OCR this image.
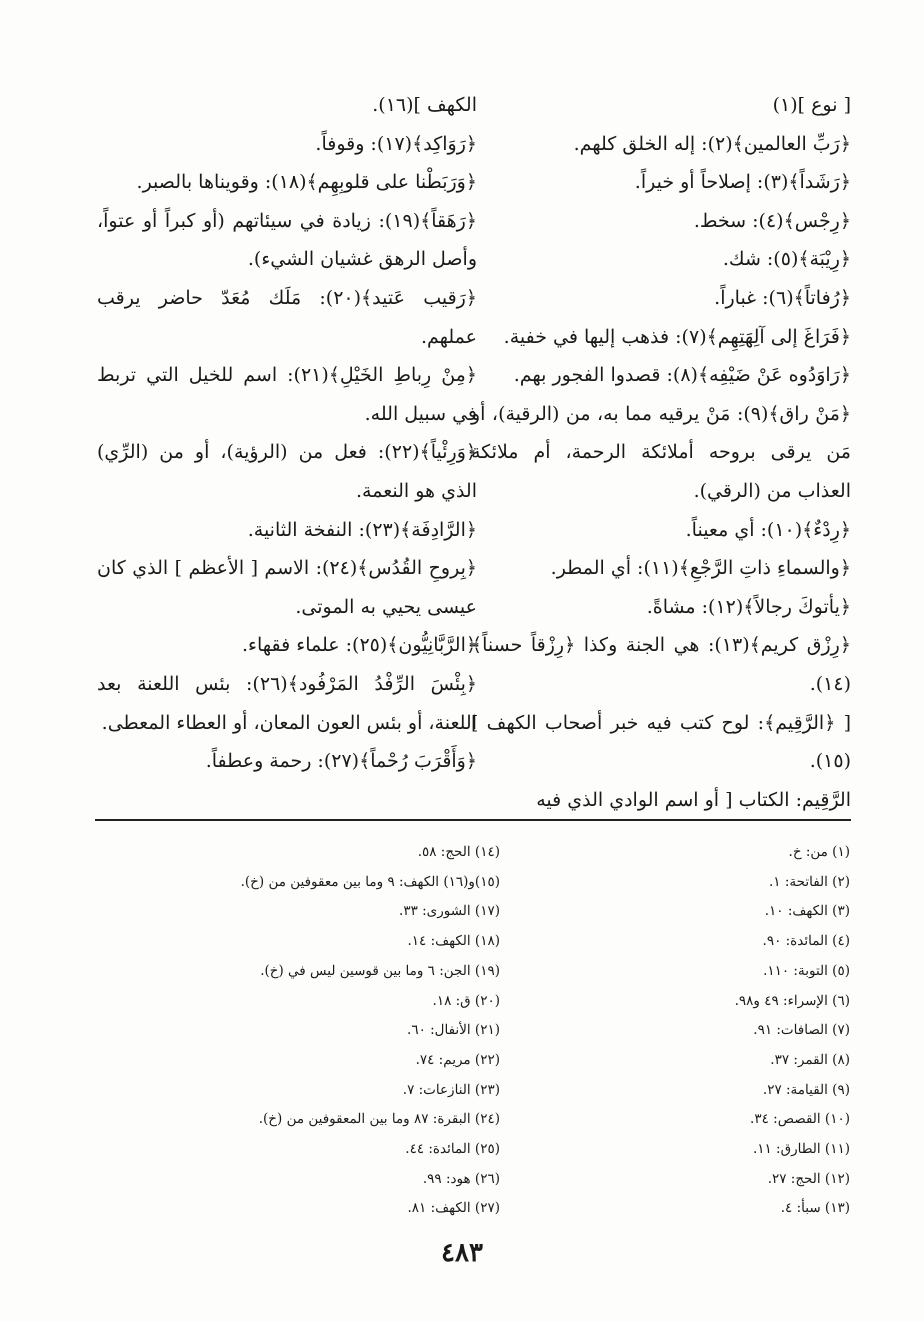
[ نوع ](١)

﴿رَبِّ العالمين﴾(٢): إله الخلق كلهم.

﴿رَشَداً﴾(٣): إصلاحاً أو خيراً.

﴿رِجْس﴾(٤): سخط.

﴿رِيْبَة﴾(٥): شك.

﴿رُفاتاً﴾(٦): غباراً.

﴿فَرَاغَ إلى آلِهَتِهِم﴾(٧): فذهب إليها في خفية.

﴿رَاوَدُوه عَنْ ضَيْفِه﴾(٨): قصدوا الفجور بهم.

﴿مَنْ راق﴾(٩): مَنْ يرقيه مما به، من (الرقية)، أو مَن يرقى بروحه أملائكة الرحمة، أم ملائكة العذاب من (الرقي).

﴿رِدْءٌ﴾(١٠): أي معيناً.

﴿والسماءِ ذاتِ الرَّجْعِ﴾(١١): أي المطر.

﴿يأتوكَ رجالاً﴾(١٢): مشاةً.

﴿رِزْق كريم﴾(١٣): هي الجنة وكذا ﴿رِزْقاً حسناً﴾(١٤).

[ ﴿الرَّقِيم﴾: لوح كتب فيه خبر أصحاب الكهف ](١٥).

الرَّقِيم: الكتاب [ أو اسم الوادي الذي فيه

الكهف ](١٦).

﴿رَوَاكِد﴾(١٧): وقوفاً.

﴿وَرَبَطْنا على قلوبِهِم﴾(١٨): وقويناها بالصبر.

﴿رَهَقاً﴾(١٩): زيادة في سيئاتهم (أو كبراً أو عتواً، وأصل الرهق غشيان الشيء).

﴿رَقيب عَتيد﴾(٢٠): مَلَك مُعَدّ حاضر يرقب عملهم.

﴿مِنْ رِباطِ الخَيْلِ﴾(٢١): اسم للخيل التي تربط في سبيل الله.

﴿وَرِئْياً﴾(٢٢): فعل من (الرؤية)، أو من (الرِّي) الذي هو النعمة.

﴿الرَّادِفَة﴾(٢٣): النفخة الثانية.

﴿بِروحِ القُدُس﴾(٢٤): الاسم [ الأعظم ] الذي كان عيسى يحيي به الموتى.

﴿الرَّبَّانِيُّون﴾(٢٥): علماء فقهاء.

﴿بِئْسَ الرِّفْدُ المَرْفُود﴾(٢٦): بئس اللعنة بعد اللعنة، أو بئس العون المعان، أو العطاء المعطى.

﴿وَأَقْرَبَ رُحْماً﴾(٢٧): رحمة وعطفاً.

(١) من: خ.
(٢) الفاتحة: ١.
(٣) الكهف: ١٠.
(٤) المائدة: ٩٠.
(٥) التوبة: ١١٠.
(٦) الإسراء: ٤٩ و٩٨.
(٧) الصافات: ٩١.
(٨) القمر: ٣٧.
(٩) القيامة: ٢٧.
(١٠) القصص: ٣٤.
(١١) الطارق: ١١.
(١٢) الحج: ٢٧.
(١٣) سبأ: ٤.
(١٤) الحج: ٥٨.
(١٥)و(١٦) الكهف: ٩ وما بين معقوفين من (خ).
(١٧) الشورى: ٣٣.
(١٨) الكهف: ١٤.
(١٩) الجن: ٦ وما بين قوسين ليس في (خ).
(٢٠) ق: ١٨.
(٢١) الأنفال: ٦٠.
(٢٢) مريم: ٧٤.
(٢٣) النازعات: ٧.
(٢٤) البقرة: ٨٧ وما بين المعقوفين من (خ).
(٢٥) المائدة: ٤٤.
(٢٦) هود: ٩٩.
(٢٧) الكهف: ٨١.
٤٨٣
